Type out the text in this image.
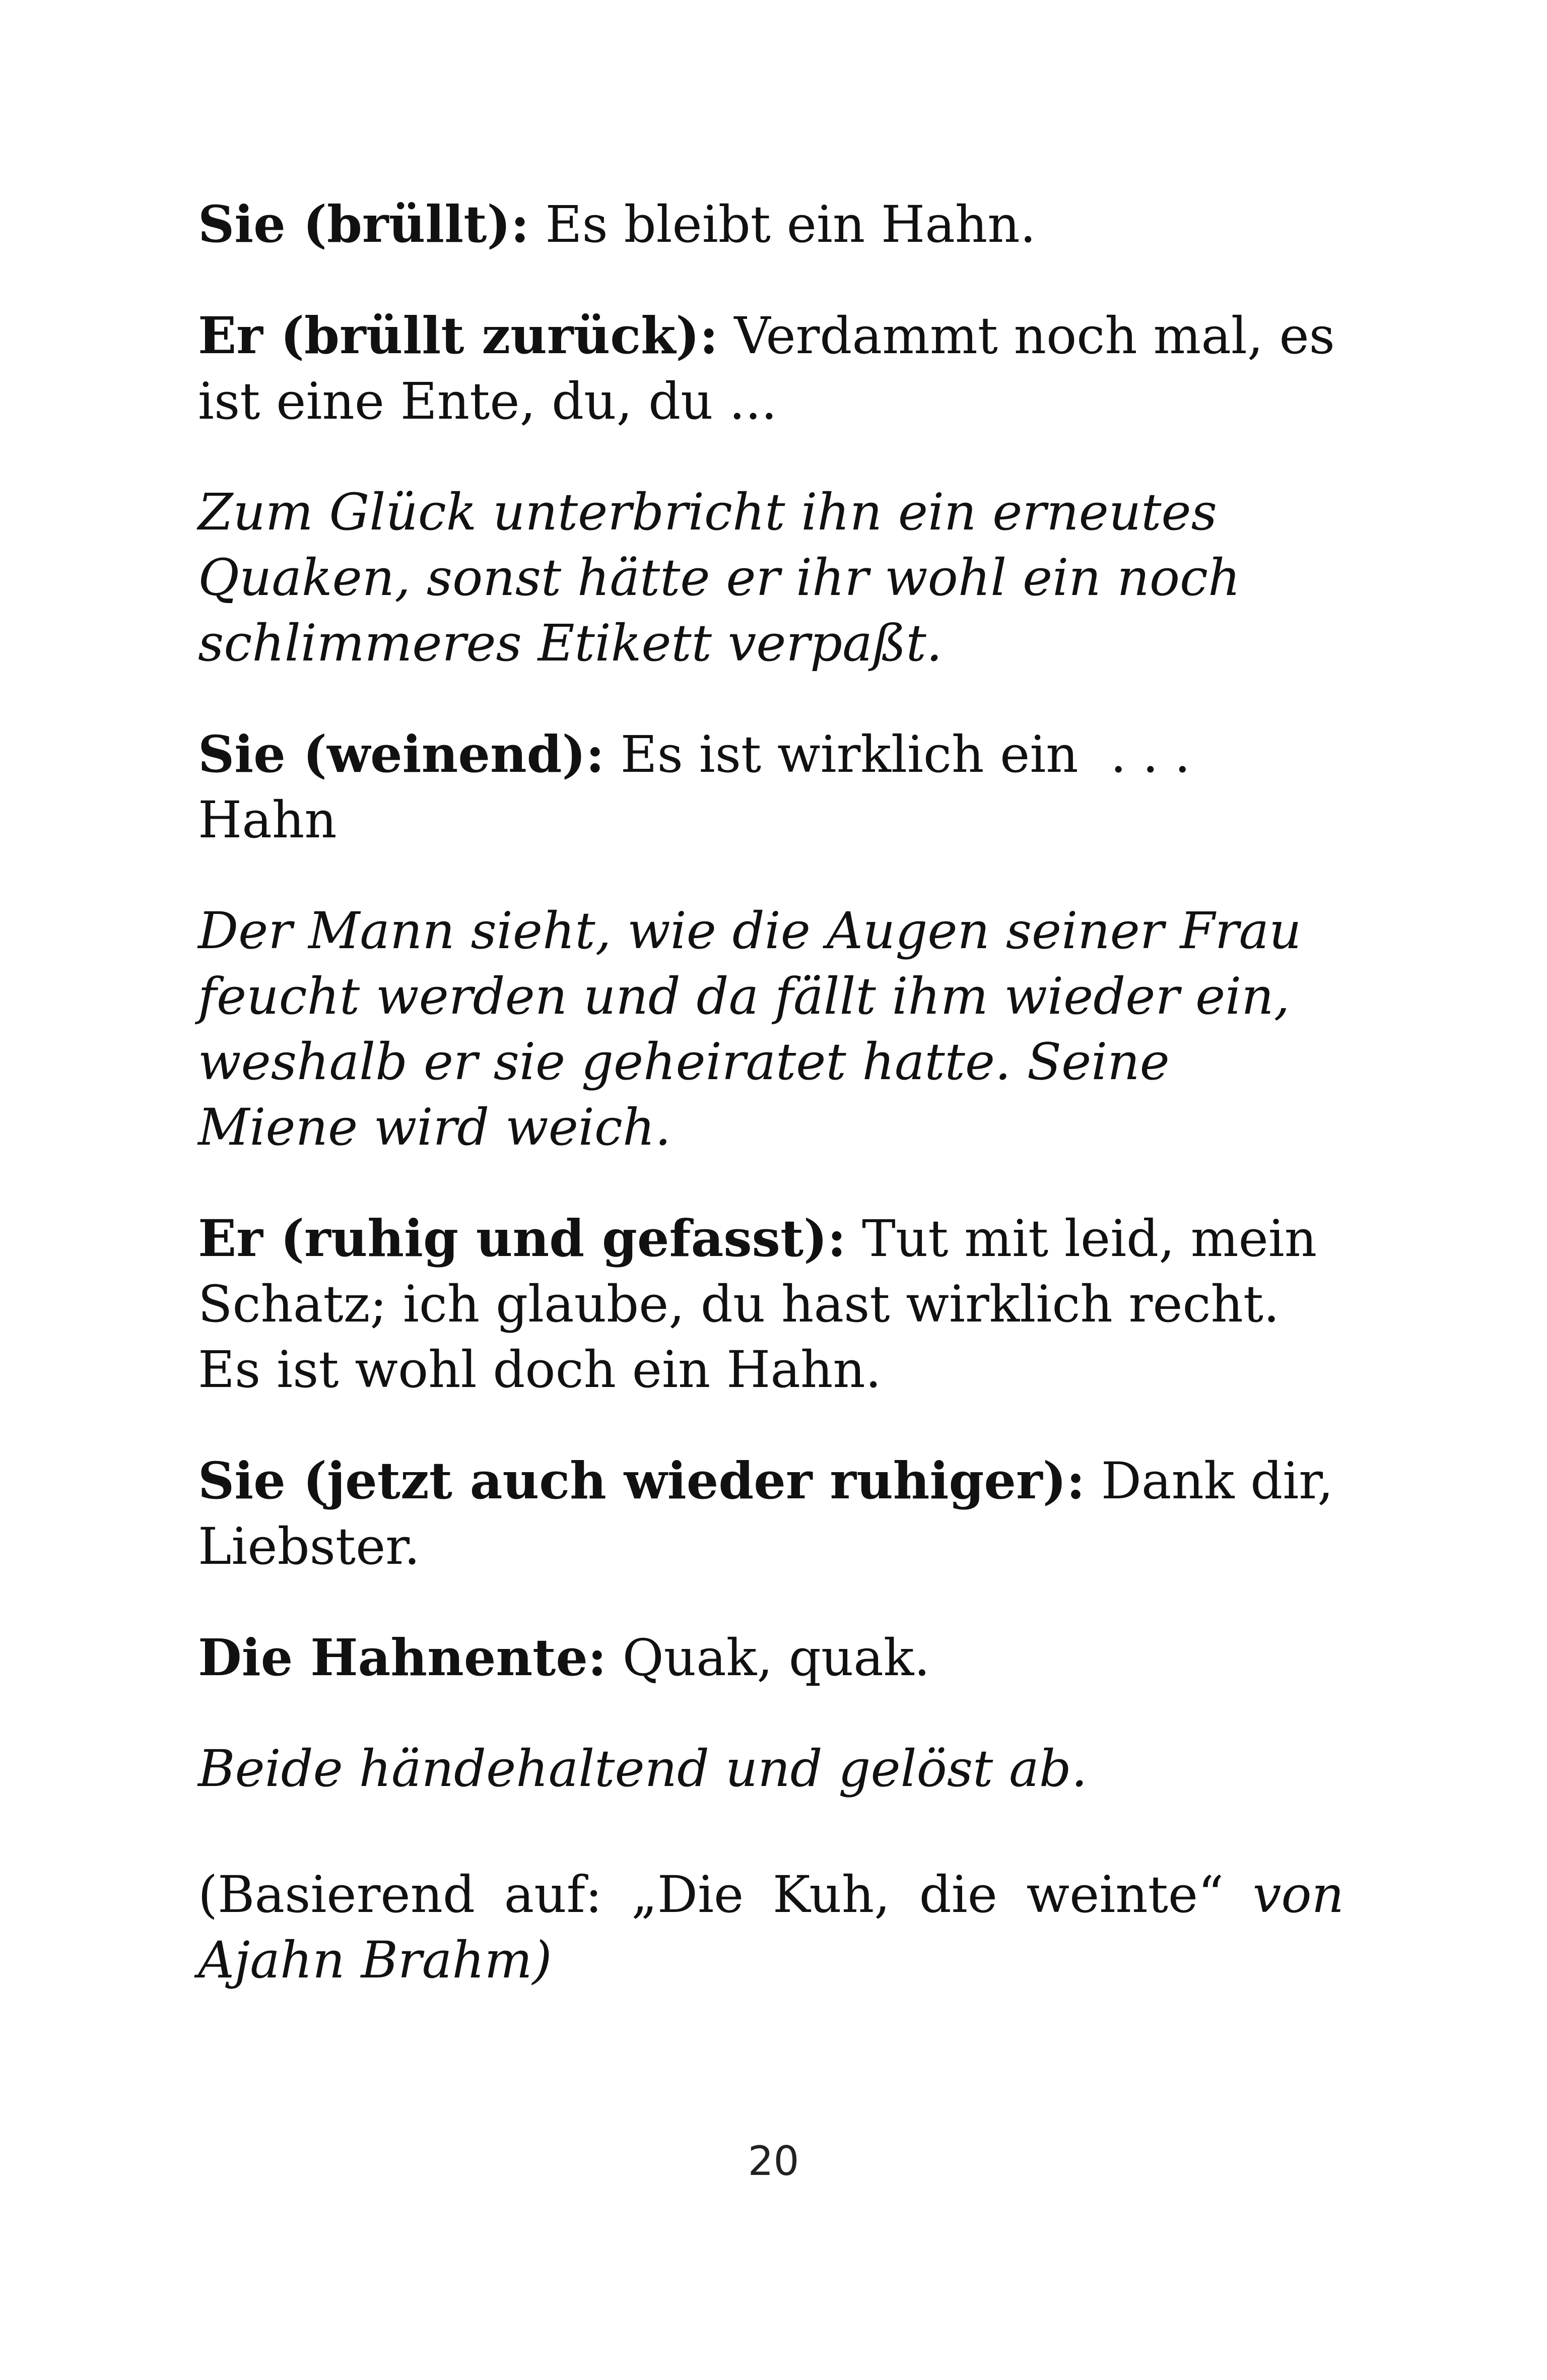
Sie (brüllt): Es bleibt ein Hahn.

Er (brüllt zurück): Verdammt noch mal, es ist eine Ente, du, du ...

Zum Glück unterbricht ihn ein erneutes Quaken, sonst hätte er ihr wohl ein noch schlimmeres Etikett verpaßt.

Sie (weinend): Es ist wirklich ein  . . .  Hahn

Der Mann sieht, wie die Augen seiner Frau feucht werden und da fällt ihm wieder ein, weshalb er sie geheiratet hatte. Seine Miene wird weich.

Er (ruhig und gefasst): Tut mit leid, mein Schatz; ich glaube, du hast wirklich recht. Es ist wohl doch ein Hahn.

Sie (jetzt auch wieder ruhiger): Dank dir, Liebster.

Die Hahnente: Quak, quak.

Beide händehaltend und gelöst ab.

(Basierend auf: „Die Kuh, die weinte“ von Ajahn Brahm)

20
